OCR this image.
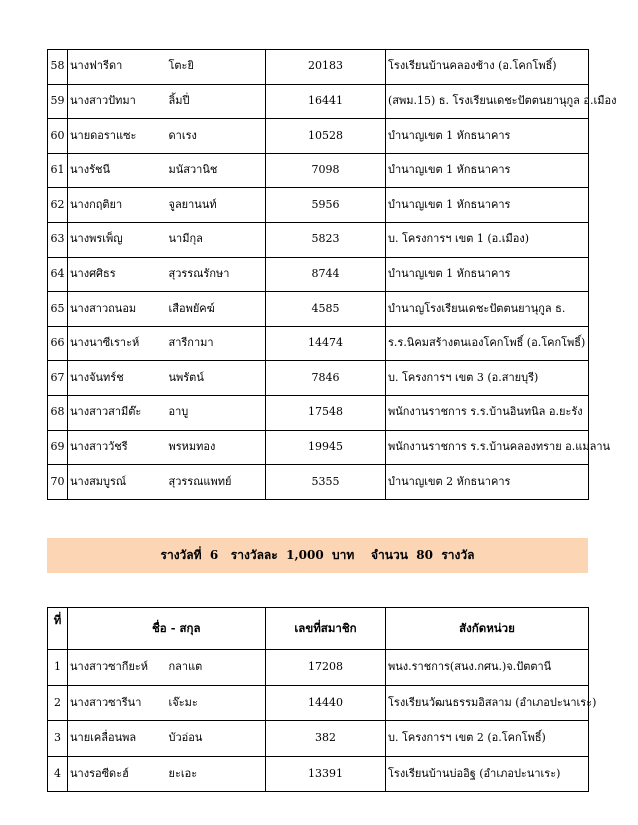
58	นางฟารีดา	โตะยิ	20183	โรงเรียนบ้านคลองช้าง (อ.โคกโพธิ์)
59	นางสาวปัทมา	ลิ้มปี่	16441	(สพม.15) ธ. โรงเรียนเดชะปัตตนยานุกูล อ.เมือง
60	นายดอราแซะ	ดาเรง	10528	บำนาญเขต 1 หักธนาคาร
61	นางรัชนี	มนัสวานิช	7098	บำนาญเขต 1 หักธนาคาร
62	นางกฤติยา	จูลยานนท์	5956	บำนาญเขต 1 หักธนาคาร
63	นางพรเพ็ญ	นามีกุล	5823	บ. โครงการฯ เขต 1 (อ.เมือง)
64	นางศศิธร	สุวรรณรักษา	8744	บำนาญเขต 1 หักธนาคาร
65	นางสาวถนอม	เสือพยัคฆ์	4585	บำนาญโรงเรียนเดชะปัตตนยานุกูล ธ.
66	นางนาซีเราะห์	สารีกามา	14474	ร.ร.นิคมสร้างตนเองโคกโพธิ์ (อ.โคกโพธิ์)
67	นางจันทร์ช	นพรัตน์	7846	บ. โครงการฯ เขต 3 (อ.สายบุรี)
68	นางสาวสามีต๊ะ	อาบู	17548	พนักงานราชการ ร.ร.บ้านอินทนิล อ.ยะรัง
69	นางสาววัชรี	พรหมทอง	19945	พนักงานราชการ ร.ร.บ้านคลองทราย อ.แม่ลาน
70	นางสมบูรณ์	สุวรรณแพทย์	5355	บำนาญเขต 2 หักธนาคาร
รางวัลที่  6   รางวัลละ  1,000  บาท    จำนวน  80  รางวัล
ที่	ชื่อ - สกุล		เลขที่สมาชิก	สังกัดหน่วย
1	นางสาวซากียะห์	กลาแต	17208	พนง.ราชการ(สนง.กศน.)จ.ปัตตานี
2	นางสาวซารีนา	เจ๊ะมะ	14440	โรงเรียนวัฒนธรรมอิสลาม (อำเภอปะนาเระ)
3	นายเคลื่อนพล	บัวอ่อน	382	บ. โครงการฯ เขต 2 (อ.โคกโพธิ์)
4	นางรอซีดะฮ์	ยะเอะ	13391	โรงเรียนบ้านบ่ออิฐ (อำเภอปะนาเระ)
